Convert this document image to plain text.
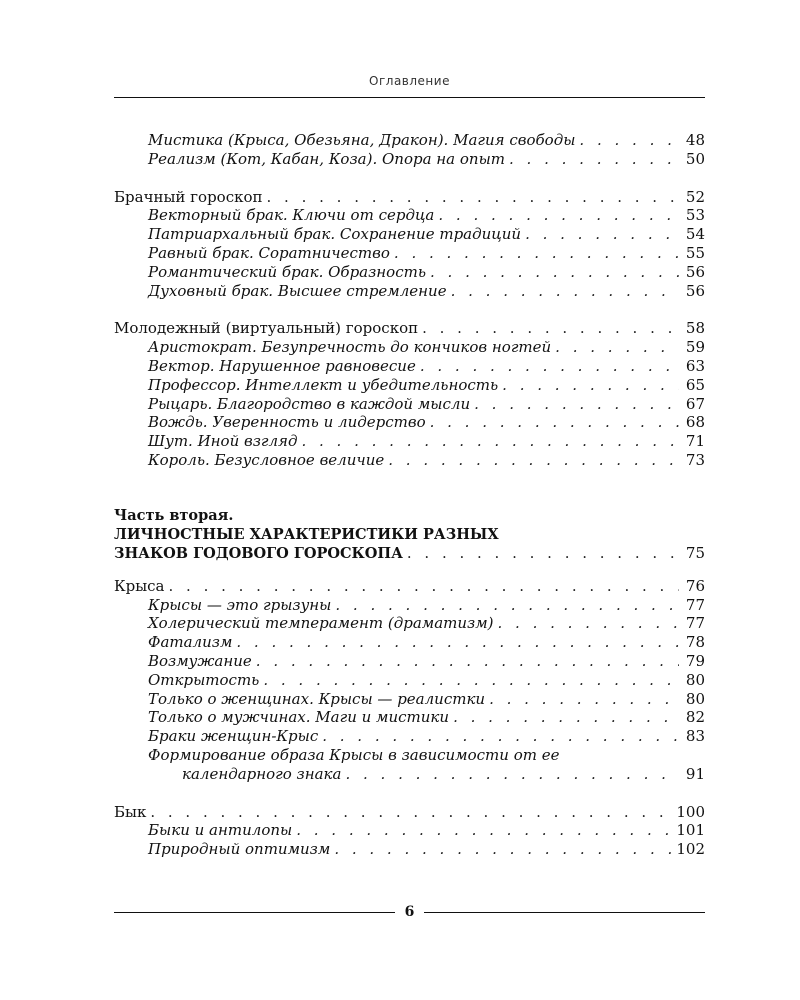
Оглавление
Мистика (Крыса, Обезьяна, Дракон). Магия свободы . . .	48
Реализм (Кот, Кабан, Коза). Опора на опыт . . .	50
Брачный гороскоп . . .	52
Векторный брак. Ключи от сердца . . .	53
Патриархальный брак. Сохранение традиций . . .	54
Равный брак. Соратничество . . .	55
Романтический брак. Образность . . .	56
Духовный брак. Высшее стремление . . .	56
Молодежный (виртуальный) гороскоп . . .	58
Аристократ. Безупречность до кончиков ногтей . . .	59
Вектор. Нарушенное равновесие . . .	63
Профессор. Интеллект и убедительность . . .	65
Рыцарь. Благородство в каждой мысли . . .	67
Вождь. Уверенность и лидерство . . .	68
Шут. Иной взгляд . . .	71
Король. Безусловное величие . . .	73
Часть вторая.
ЛИЧНОСТНЫЕ ХАРАКТЕРИСТИКИ РАЗНЫХ
ЗНАКОВ ГОДОВОГО ГОРОСКОПА . . .	75
Крыса . . .	76
Крысы — это грызуны . . .	77
Холерический темперамент (драматизм) . . .	77
Фатализм . . .	78
Возмужание . . .	79
Открытость . . .	80
Только о женщинах. Крысы — реалистки . . .	80
Только о мужчинах. Маги и мистики . . .	82
Браки женщин-Крыс . . .	83
Формирование образа Крысы в зависимости от ее
календарного знака . . .	91
Бык . . .	100
Быки и антилопы . . .	101
Природный оптимизм . . .	102
6
